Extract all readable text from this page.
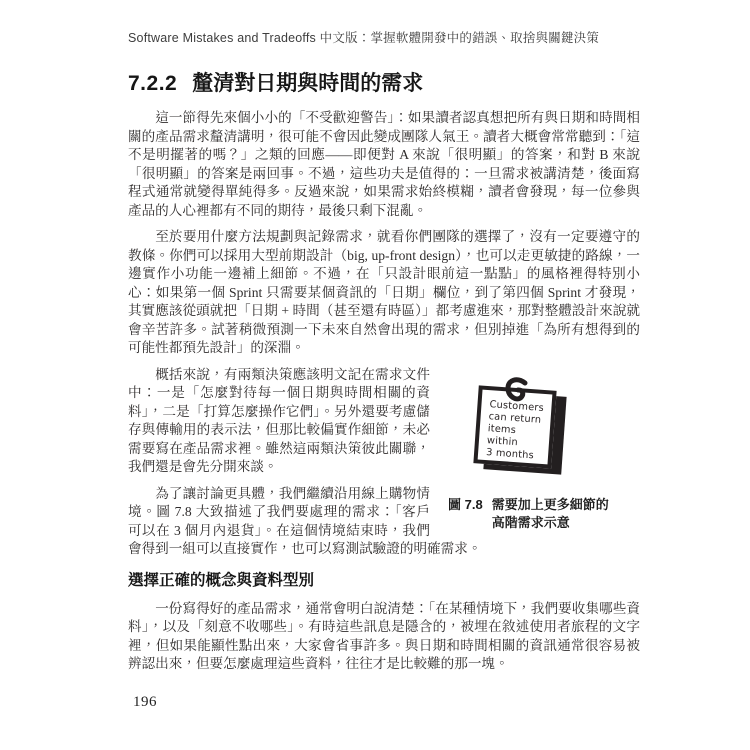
Software Mistakes and Tradeoffs 中文版：掌握軟體開發中的錯誤、取捨與關鍵決策
7.2.2 釐清對日期與時間的需求

這一節得先來個小小的「不受歡迎警告」：如果讀者認真想把所有與日期和時間相關的產品需求釐清講明，很可能不會因此變成團隊人氣王。讀者大概會常常聽到：「這不是明擺著的嗎？」之類的回應——即便對 A 來說「很明顯」的答案，和對 B 來說「很明顯」的答案是兩回事。不過，這些功夫是值得的：一旦需求被講清楚，後面寫程式通常就變得單純得多。反過來說，如果需求始終模糊，讀者會發現，每一位參與產品的人心裡都有不同的期待，最後只剩下混亂。

至於要用什麼方法規劃與記錄需求，就看你們團隊的選擇了，沒有一定要遵守的教條。你們可以採用大型前期設計（big, up-front design），也可以走更敏捷的路線，一邊實作小功能一邊補上細節。不過，在「只設計眼前這一點點」的風格裡得特別小心：如果第一個 Sprint 只需要某個資訊的「日期」欄位，到了第四個 Sprint 才發現，其實應該從頭就把「日期 + 時間（甚至還有時區）」都考慮進來，那對整體設計來說就會辛苦許多。試著稍微預測一下未來自然會出現的需求，但別掉進「為所有想得到的可能性都預先設計」的深淵。

Customers
can return
items within
3 months
圖 7.8 需要加上更多細節的
高階需求示意

概括來說，有兩類決策應該明文記在需求文件中：一是「怎麼對待每一個日期與時間相關的資料」，二是「打算怎麼操作它們」。另外還要考慮儲存與傳輸用的表示法，但那比較偏實作細節，未必需要寫在產品需求裡。雖然這兩類決策彼此關聯，我們還是會先分開來談。

為了讓討論更具體，我們繼續沿用線上購物情境。圖 7.8 大致描述了我們要處理的需求：「客戶可以在 3 個月內退貨」。在這個情境結束時，我們會得到一組可以直接實作，也可以寫測試驗證的明確需求。

選擇正確的概念與資料型別

一份寫得好的產品需求，通常會明白說清楚：「在某種情境下，我們要收集哪些資料」，以及「刻意不收哪些」。有時這些訊息是隱含的，被埋在敘述使用者旅程的文字裡，但如果能顯性點出來，大家會省事許多。與日期和時間相關的資訊通常很容易被辨認出來，但要怎麼處理這些資料，往往才是比較難的那一塊。

196
